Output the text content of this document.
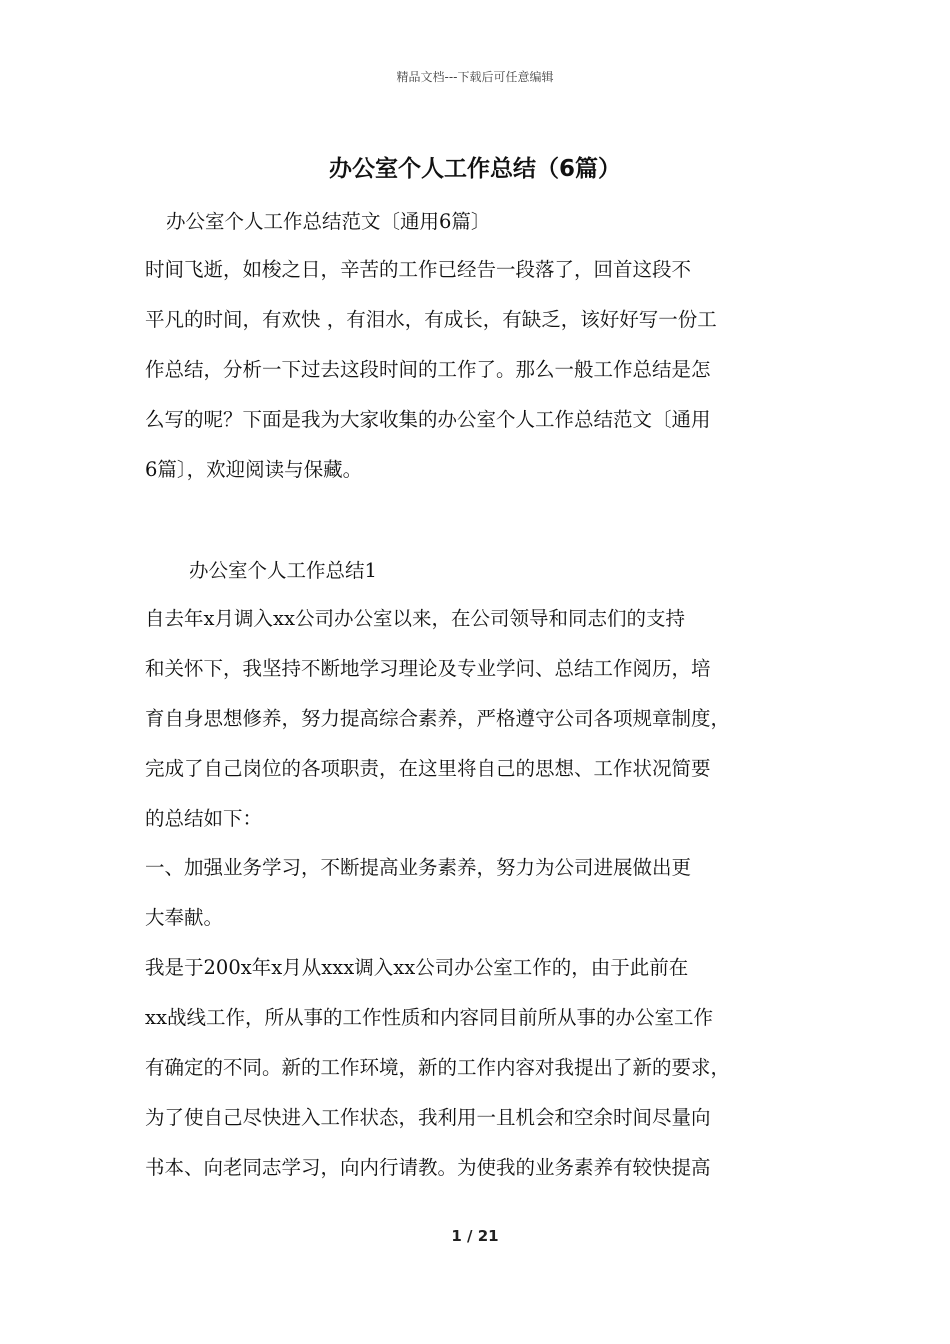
精品文档---下载后可任意编辑
办公室个人工作总结（6篇）
办公室个人工作总结范文〔通用6篇〕

时间飞逝，如梭之日，辛苦的工作已经告一段落了，回首这段不
平凡的时间，有欢快 ，有泪水，有成长，有缺乏，该好好写一份工
作总结，分析一下过去这段时间的工作了。那么一般工作总结是怎
么写的呢？下面是我为大家收集的办公室个人工作总结范文〔通用
6篇〕，欢迎阅读与保藏。

办公室个人工作总结1

自去年x月调入xx公司办公室以来，在公司领导和同志们的支持
和关怀下，我坚持不断地学习理论及专业学问、总结工作阅历，培
育自身思想修养，努力提高综合素养，严格遵守公司各项规章制度，
完成了自己岗位的各项职责，在这里将自己的思想、工作状况简要
的总结如下：

一、加强业务学习，不断提高业务素养，努力为公司进展做出更
大奉献。

我是于200x年x月从xxx调入xx公司办公室工作的，由于此前在
xx战线工作，所从事的工作性质和内容同目前所从事的办公室工作
有确定的不同。新的工作环境，新的工作内容对我提出了新的要求，
为了使自己尽快进入工作状态，我利用一且机会和空余时间尽量向
书本、向老同志学习，向内行请教。为使我的业务素养有较快提高

1 / 21
